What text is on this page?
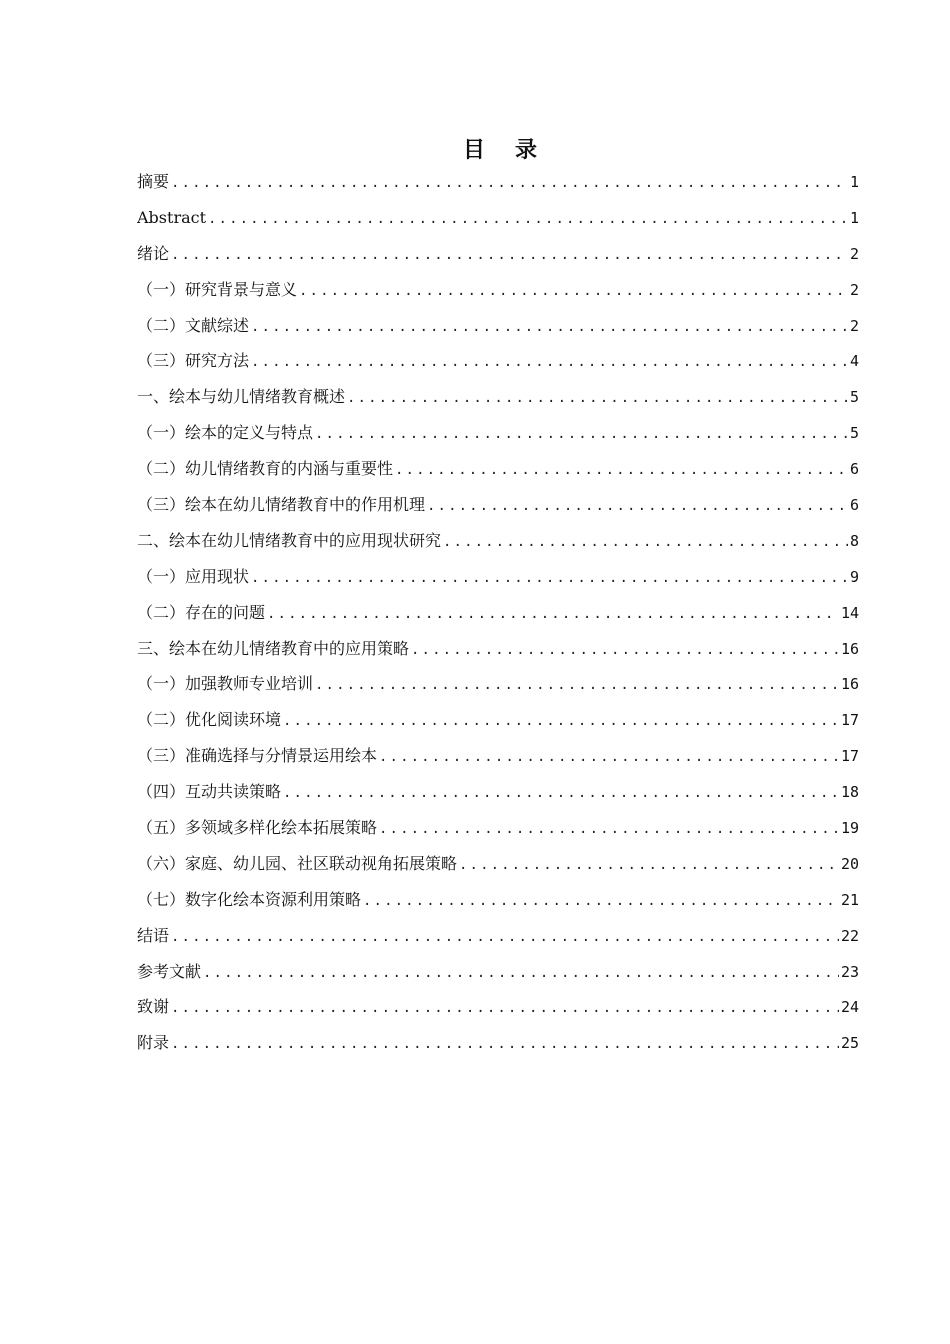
目 录
摘要 .....	1
Abstract .....	1
绪论 .....	2
（一）研究背景与意义 .....	2
（二）文献综述 .....	2
（三）研究方法 .....	4
一、绘本与幼儿情绪教育概述 .....	5
（一）绘本的定义与特点 .....	5
（二）幼儿情绪教育的内涵与重要性 .....	6
（三）绘本在幼儿情绪教育中的作用机理 .....	6
二、绘本在幼儿情绪教育中的应用现状研究 .....	8
（一）应用现状 .....	9
（二）存在的问题 .....	14
三、绘本在幼儿情绪教育中的应用策略 .....	16
（一）加强教师专业培训 .....	16
（二）优化阅读环境 .....	17
（三）准确选择与分情景运用绘本 .....	17
（四）互动共读策略 .....	18
（五）多领域多样化绘本拓展策略 .....	19
（六）家庭、幼儿园、社区联动视角拓展策略 .....	20
（七）数字化绘本资源利用策略 .....	21
结语 .....	22
参考文献 .....	23
致谢 .....	24
附录 .....	25
